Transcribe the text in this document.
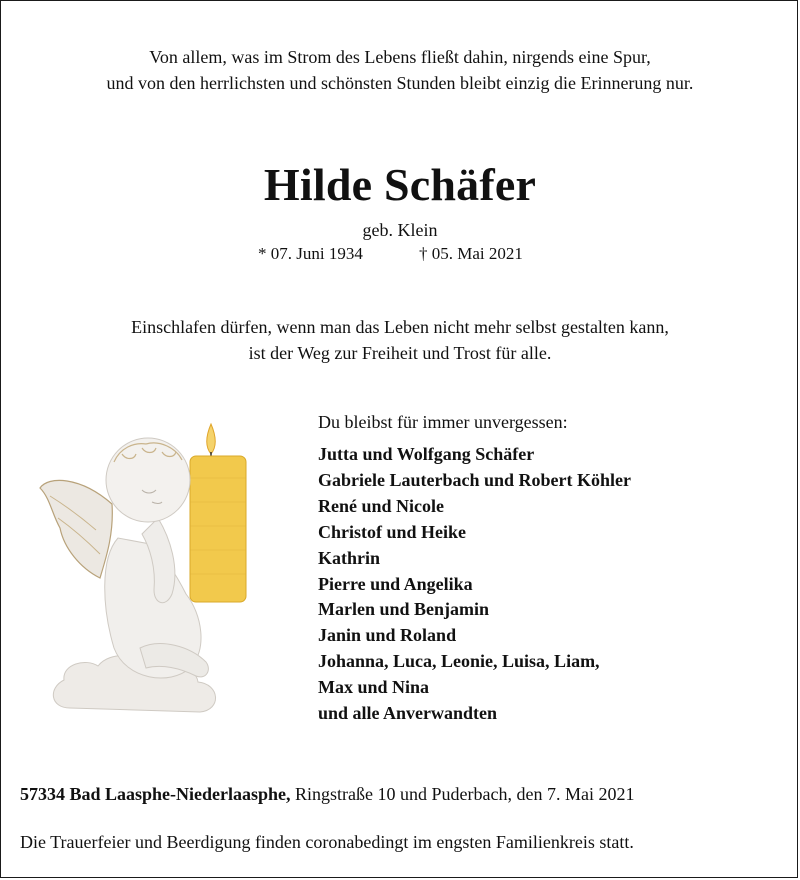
Von allem, was im Strom des Lebens fließt dahin, nirgends eine Spur,
und von den herrlichsten und schönsten Stunden bleibt einzig die Erinnerung nur.
Hilde Schäfer
geb. Klein
* 07. Juni 1934	† 05. Mai 2021
Einschlafen dürfen, wenn man das Leben nicht mehr selbst gestalten kann,
ist der Weg zur Freiheit und Trost für alle.
Du bleibst für immer unvergessen:
Jutta und Wolfgang Schäfer
Gabriele Lauterbach und Robert Köhler
René und Nicole
Christof und Heike
Kathrin
Pierre und Angelika
Marlen und Benjamin
Janin und Roland
Johanna, Luca, Leonie, Luisa, Liam,
Max und Nina
und alle Anverwandten
57334 Bad Laasphe-Niederlaasphe, Ringstraße 10 und Puderbach, den 7. Mai 2021
Die Trauerfeier und Beerdigung finden coronabedingt im engsten Familienkreis statt.
